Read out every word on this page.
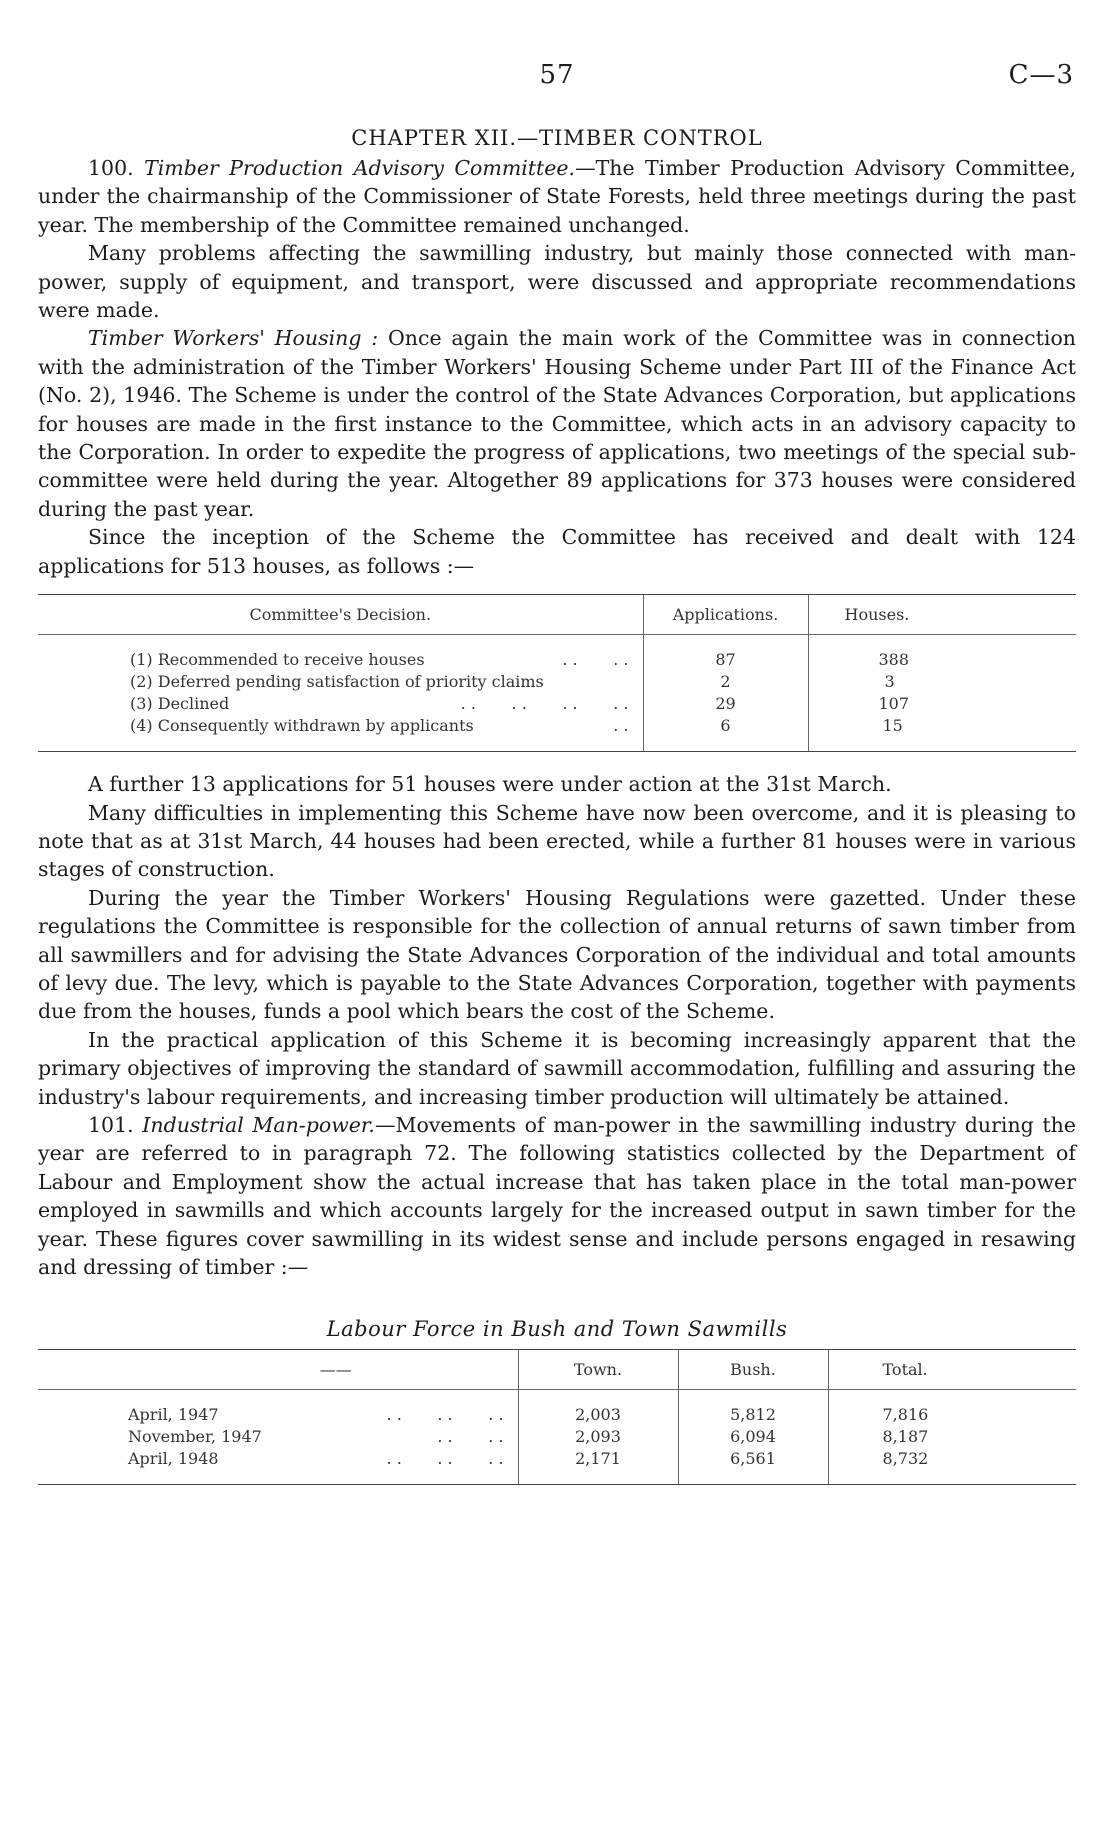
57	C—3
CHAPTER XII.—TIMBER CONTROL

100. Timber Production Advisory Committee.—The Timber Production Advisory Committee, under the chairmanship of the Commissioner of State Forests, held three meetings during the past year. The membership of the Committee remained unchanged.

Many problems affecting the sawmilling industry, but mainly those connected with man-power, supply of equipment, and transport, were discussed and appropriate recommendations were made.

Timber Workers' Housing : Once again the main work of the Committee was in connection with the administration of the Timber Workers' Housing Scheme under Part III of the Finance Act (No. 2), 1946. The Scheme is under the control of the State Advances Corporation, but applications for houses are made in the first instance to the Committee, which acts in an advisory capacity to the Corporation. In order to expedite the progress of applications, two meetings of the special sub-committee were held during the year. Altogether 89 applications for 373 houses were considered during the past year.

Since the inception of the Scheme the Committee has received and dealt with 124 applications for 513 houses, as follows :—

Committee's Decision.	Applications.	Houses.

(1) Recommended to receive houses . .       . .	87	388
(2) Deferred pending satisfaction of priority claims	2	3
(3) Declined . .       . .       . .       . .	29	107
(4) Consequently withdrawn by applicants . .	6	15

A further 13 applications for 51 houses were under action at the 31st March.

Many difficulties in implementing this Scheme have now been overcome, and it is pleasing to note that as at 31st March, 44 houses had been erected, while a further 81 houses were in various stages of construction.

During the year the Timber Workers' Housing Regulations were gazetted. Under these regulations the Committee is responsible for the collection of annual returns of sawn timber from all sawmillers and for advising the State Advances Corporation of the individual and total amounts of levy due. The levy, which is payable to the State Advances Corporation, together with payments due from the houses, funds a pool which bears the cost of the Scheme.

In the practical application of this Scheme it is becoming increasingly apparent that the primary objectives of improving the standard of sawmill accommodation, fulfilling and assuring the industry's labour requirements, and increasing timber production will ultimately be attained.

101. Industrial Man-power.—Movements of man-power in the sawmilling industry during the year are referred to in paragraph 72. The following statistics collected by the Department of Labour and Employment show the actual increase that has taken place in the total man-power employed in sawmills and which accounts largely for the increased output in sawn timber for the year. These figures cover sawmilling in its widest sense and include persons engaged in resawing and dressing of timber :—

Labour Force in Bush and Town Sawmills
——	Town.	Bush.	Total.

April, 1947 . .       . .       . .	2,003	5,812	7,816
November, 1947 . .       . .	2,093	6,094	8,187
April, 1948 . .       . .       . .	2,171	6,561	8,732
